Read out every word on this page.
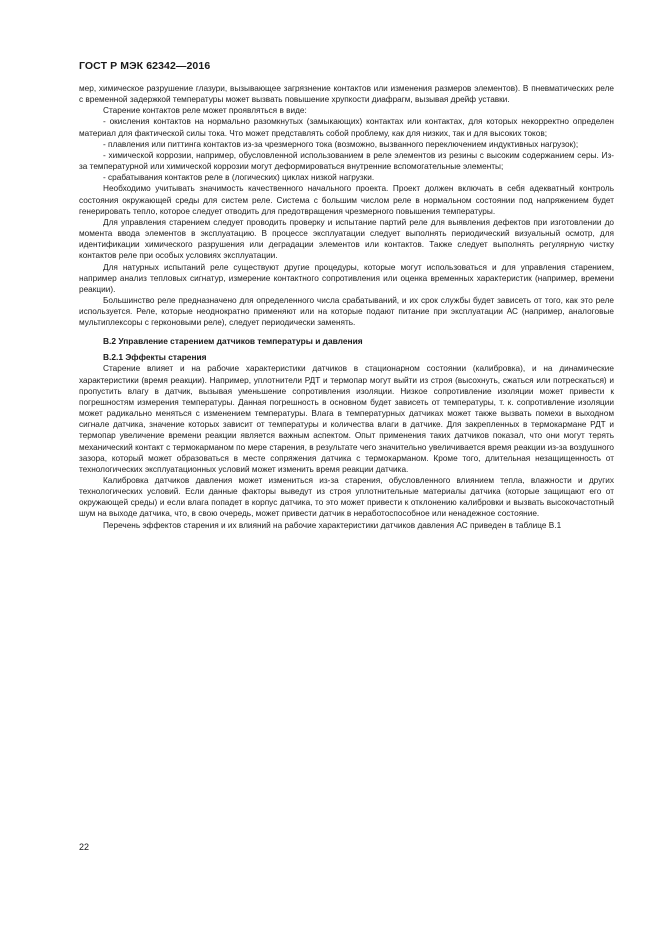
ГОСТ Р МЭК 62342—2016

мер, химическое разрушение глазури, вызывающее загрязнение контактов или изменения размеров элементов). В пневматических реле с временной задержкой температуры может вызвать повышение хрупкости диафрагм, вызывая дрейф уставки.

Старение контактов реле может проявляться в виде:

- окисления контактов на нормально разомкнутых (замыкающих) контактах или контактах, для которых некорректно определен материал для фактической силы тока. Что может представлять собой проблему, как для низких, так и для высоких токов;

- плавления или питтинга контактов из-за чрезмерного тока (возможно, вызванного переключением индуктивных нагрузок);

- химической коррозии, например, обусловленной использованием в реле элементов из резины с высоким содержанием серы. Из-за температурной или химической коррозии могут деформироваться внутренние вспомогательные элементы;

- срабатывания контактов реле в (логических) циклах низкой нагрузки.

Необходимо учитывать значимость качественного начального проекта. Проект должен включать в себя адекватный контроль состояния окружающей среды для систем реле. Система с большим числом реле в нормальном состоянии под напряжением будет генерировать тепло, которое следует отводить для предотвращения чрезмерного повышения температуры.

Для управления старением следует проводить проверку и испытание партий реле для выявления дефектов при изготовлении до момента ввода элементов в эксплуатацию. В процессе эксплуатации следует выполнять периодический визуальный осмотр, для идентификации химического разрушения или деградации элементов или контактов. Также следует выполнять регулярную чистку контактов реле при особых условиях эксплуатации.

Для натурных испытаний реле существуют другие процедуры, которые могут использоваться и для управления старением, например анализ тепловых сигнатур, измерение контактного сопротивления или оценка временных характеристик (например, времени реакции).

Большинство реле предназначено для определенного числа срабатываний, и их срок службы будет зависеть от того, как это реле используется. Реле, которые неоднократно применяют или на которые подают питание при эксплуатации АС (например, аналоговые мультиплексоры с герконовыми реле), следует периодически заменять.

В.2 Управление старением датчиков температуры и давления
В.2.1 Эффекты старения

Старение влияет и на рабочие характеристики датчиков в стационарном состоянии (калибровка), и на динамические характеристики (время реакции). Например, уплотнители РДТ и термопар могут выйти из строя (высохнуть, сжаться или потрескаться) и пропустить влагу в датчик, вызывая уменьшение сопротивления изоляции. Низкое сопротивление изоляции может привести к погрешностям измерения температуры. Данная погрешность в основном будет зависеть от температуры, т. к. сопротивление изоляции может радикально меняться с изменением температуры. Влага в температурных датчиках может также вызвать помехи в выходном сигнале датчика, значение которых зависит от температуры и количества влаги в датчике. Для закрепленных в термокармане РДТ и термопар увеличение времени реакции является важным аспектом. Опыт применения таких датчиков показал, что они могут терять механический контакт с термокарманом по мере старения, в результате чего значительно увеличивается время реакции из-за воздушного зазора, который может образоваться в месте сопряжения датчика с термокарманом. Кроме того, длительная незащищенность от технологических эксплуатационных условий может изменить время реакции датчика.

Калибровка датчиков давления может измениться из-за старения, обусловленного влиянием тепла, влажности и других технологических условий. Если данные факторы выведут из строя уплотнительные материалы датчика (которые защищают его от окружающей среды) и если влага попадет в корпус датчика, то это может привести к отклонению калибровки и вызвать высокочастотный шум на выходе датчика, что, в свою очередь, может привести датчик в неработоспособное или ненадежное состояние.

Перечень эффектов старения и их влияний на рабочие характеристики датчиков давления АС приведен в таблице В.1

22
